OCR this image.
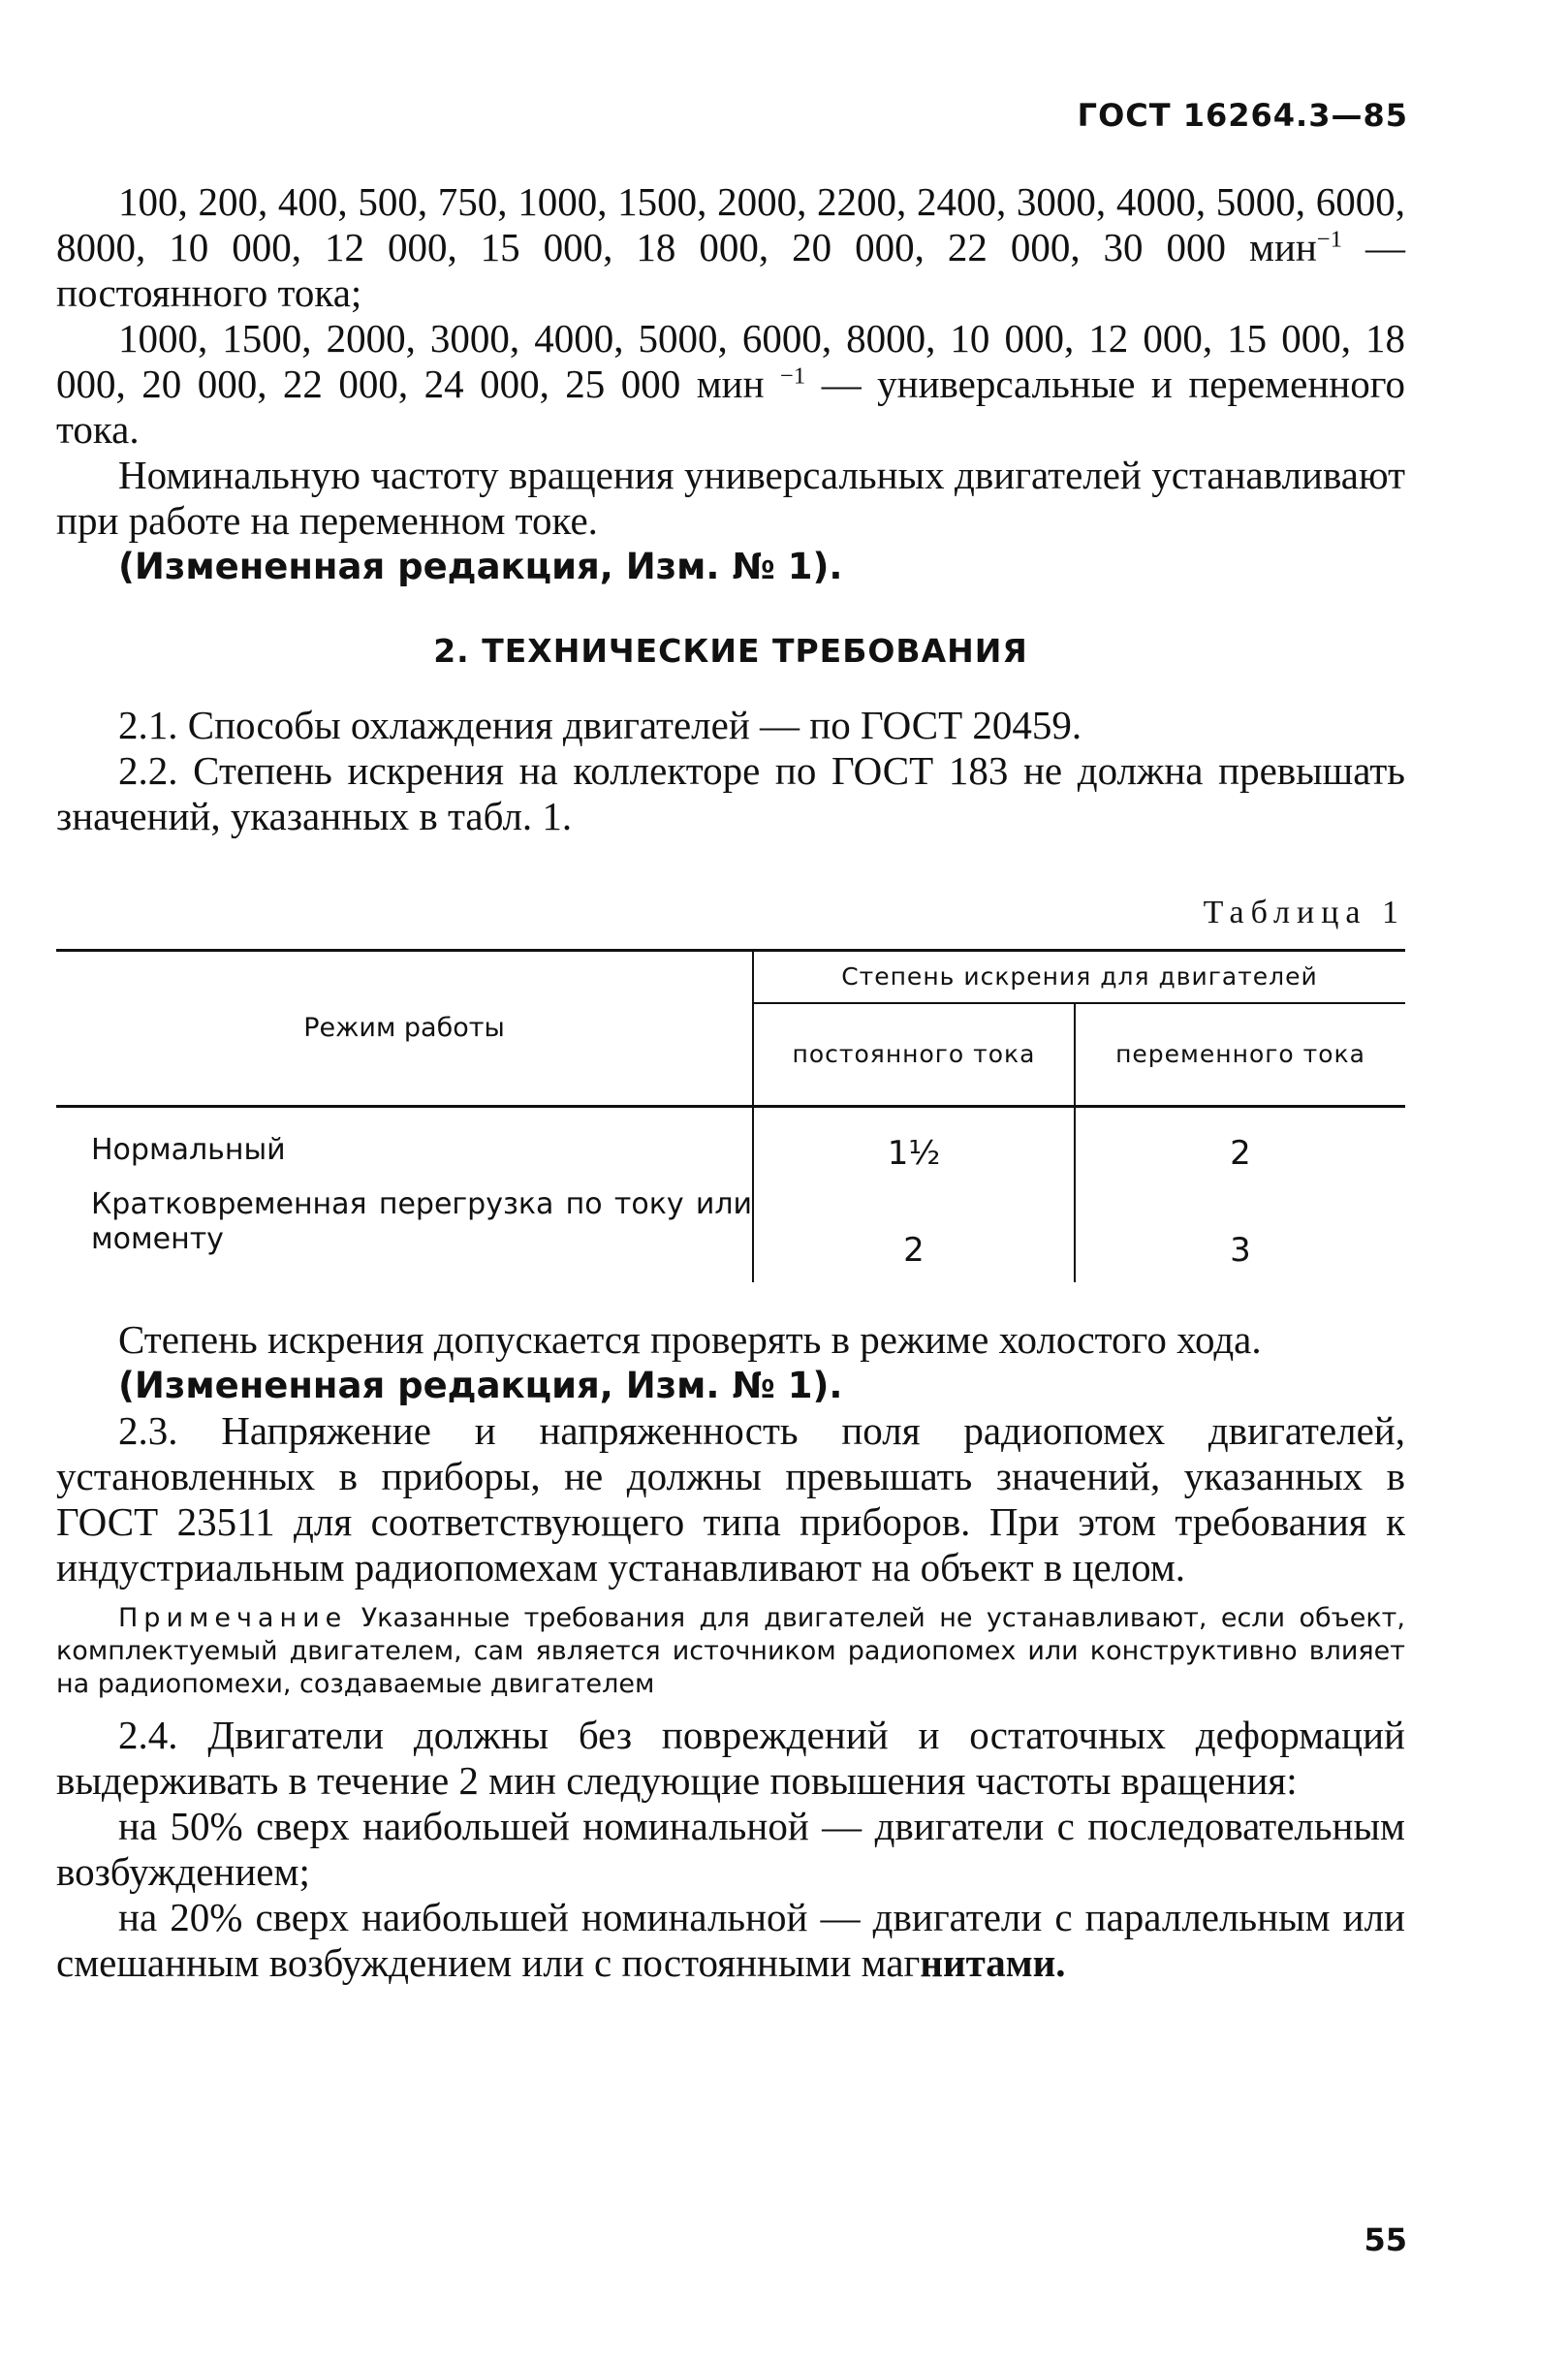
ГОСТ 16264.3—85

100, 200, 400, 500, 750, 1000, 1500, 2000, 2200, 2400, 3000, 4000, 5000, 6000, 8000, 10 000, 12 000, 15 000, 18 000, 20 000, 22 000, 30 000 мин$^{-1}$ — постоянного тока;

1000, 1500, 2000, 3000, 4000, 5000, 6000, 8000, 10 000, 12 000, 15 000, 18 000, 20 000, 22 000, 24 000, 25 000 мин $^{-1}$ — универсальные и переменного тока.

Номинальную частоту вращения универсальных двигателей устанавливают при работе на переменном токе.

(Измененная редакция, Изм. № 1).

2. ТЕХНИЧЕСКИЕ ТРЕБОВАНИЯ

2.1. Способы охлаждения двигателей — по ГОСТ 20459.

2.2. Степень искрения на коллекторе по ГОСТ 183 не должна превышать значений, указанных в табл. 1.

Таблица 1
Режим работы	Степень искрения для двигателей	
	постоянного тока	переменного тока
Нормальный	1½	2
Кратковременная перегрузка по току или моменту	2	3

Степень искрения допускается проверять в режиме холостого хода.

(Измененная редакция, Изм. № 1).

2.3. Напряжение и напряженность поля радиопомех двигателей, установленных в приборы, не должны превышать значений, указанных в ГОСТ 23511 для соответствующего типа приборов. При этом требования к индустриальным радиопомехам устанавливают на объект в целом.

Примечание Указанные требования для двигателей не устанавливают, если объект, комплектуемый двигателем, сам является источником радиопомех или конструктивно влияет на радиопомехи, создаваемые двигателем

2.4. Двигатели должны без повреждений и остаточных деформаций выдерживать в течение 2 мин следующие повышения частоты вращения:

на 50% сверх наибольшей номинальной — двигатели с последовательным возбуждением;

на 20% сверх наибольшей номинальной — двигатели с параллельным или смешанным возбуждением или с постоянными магнитами.

55
